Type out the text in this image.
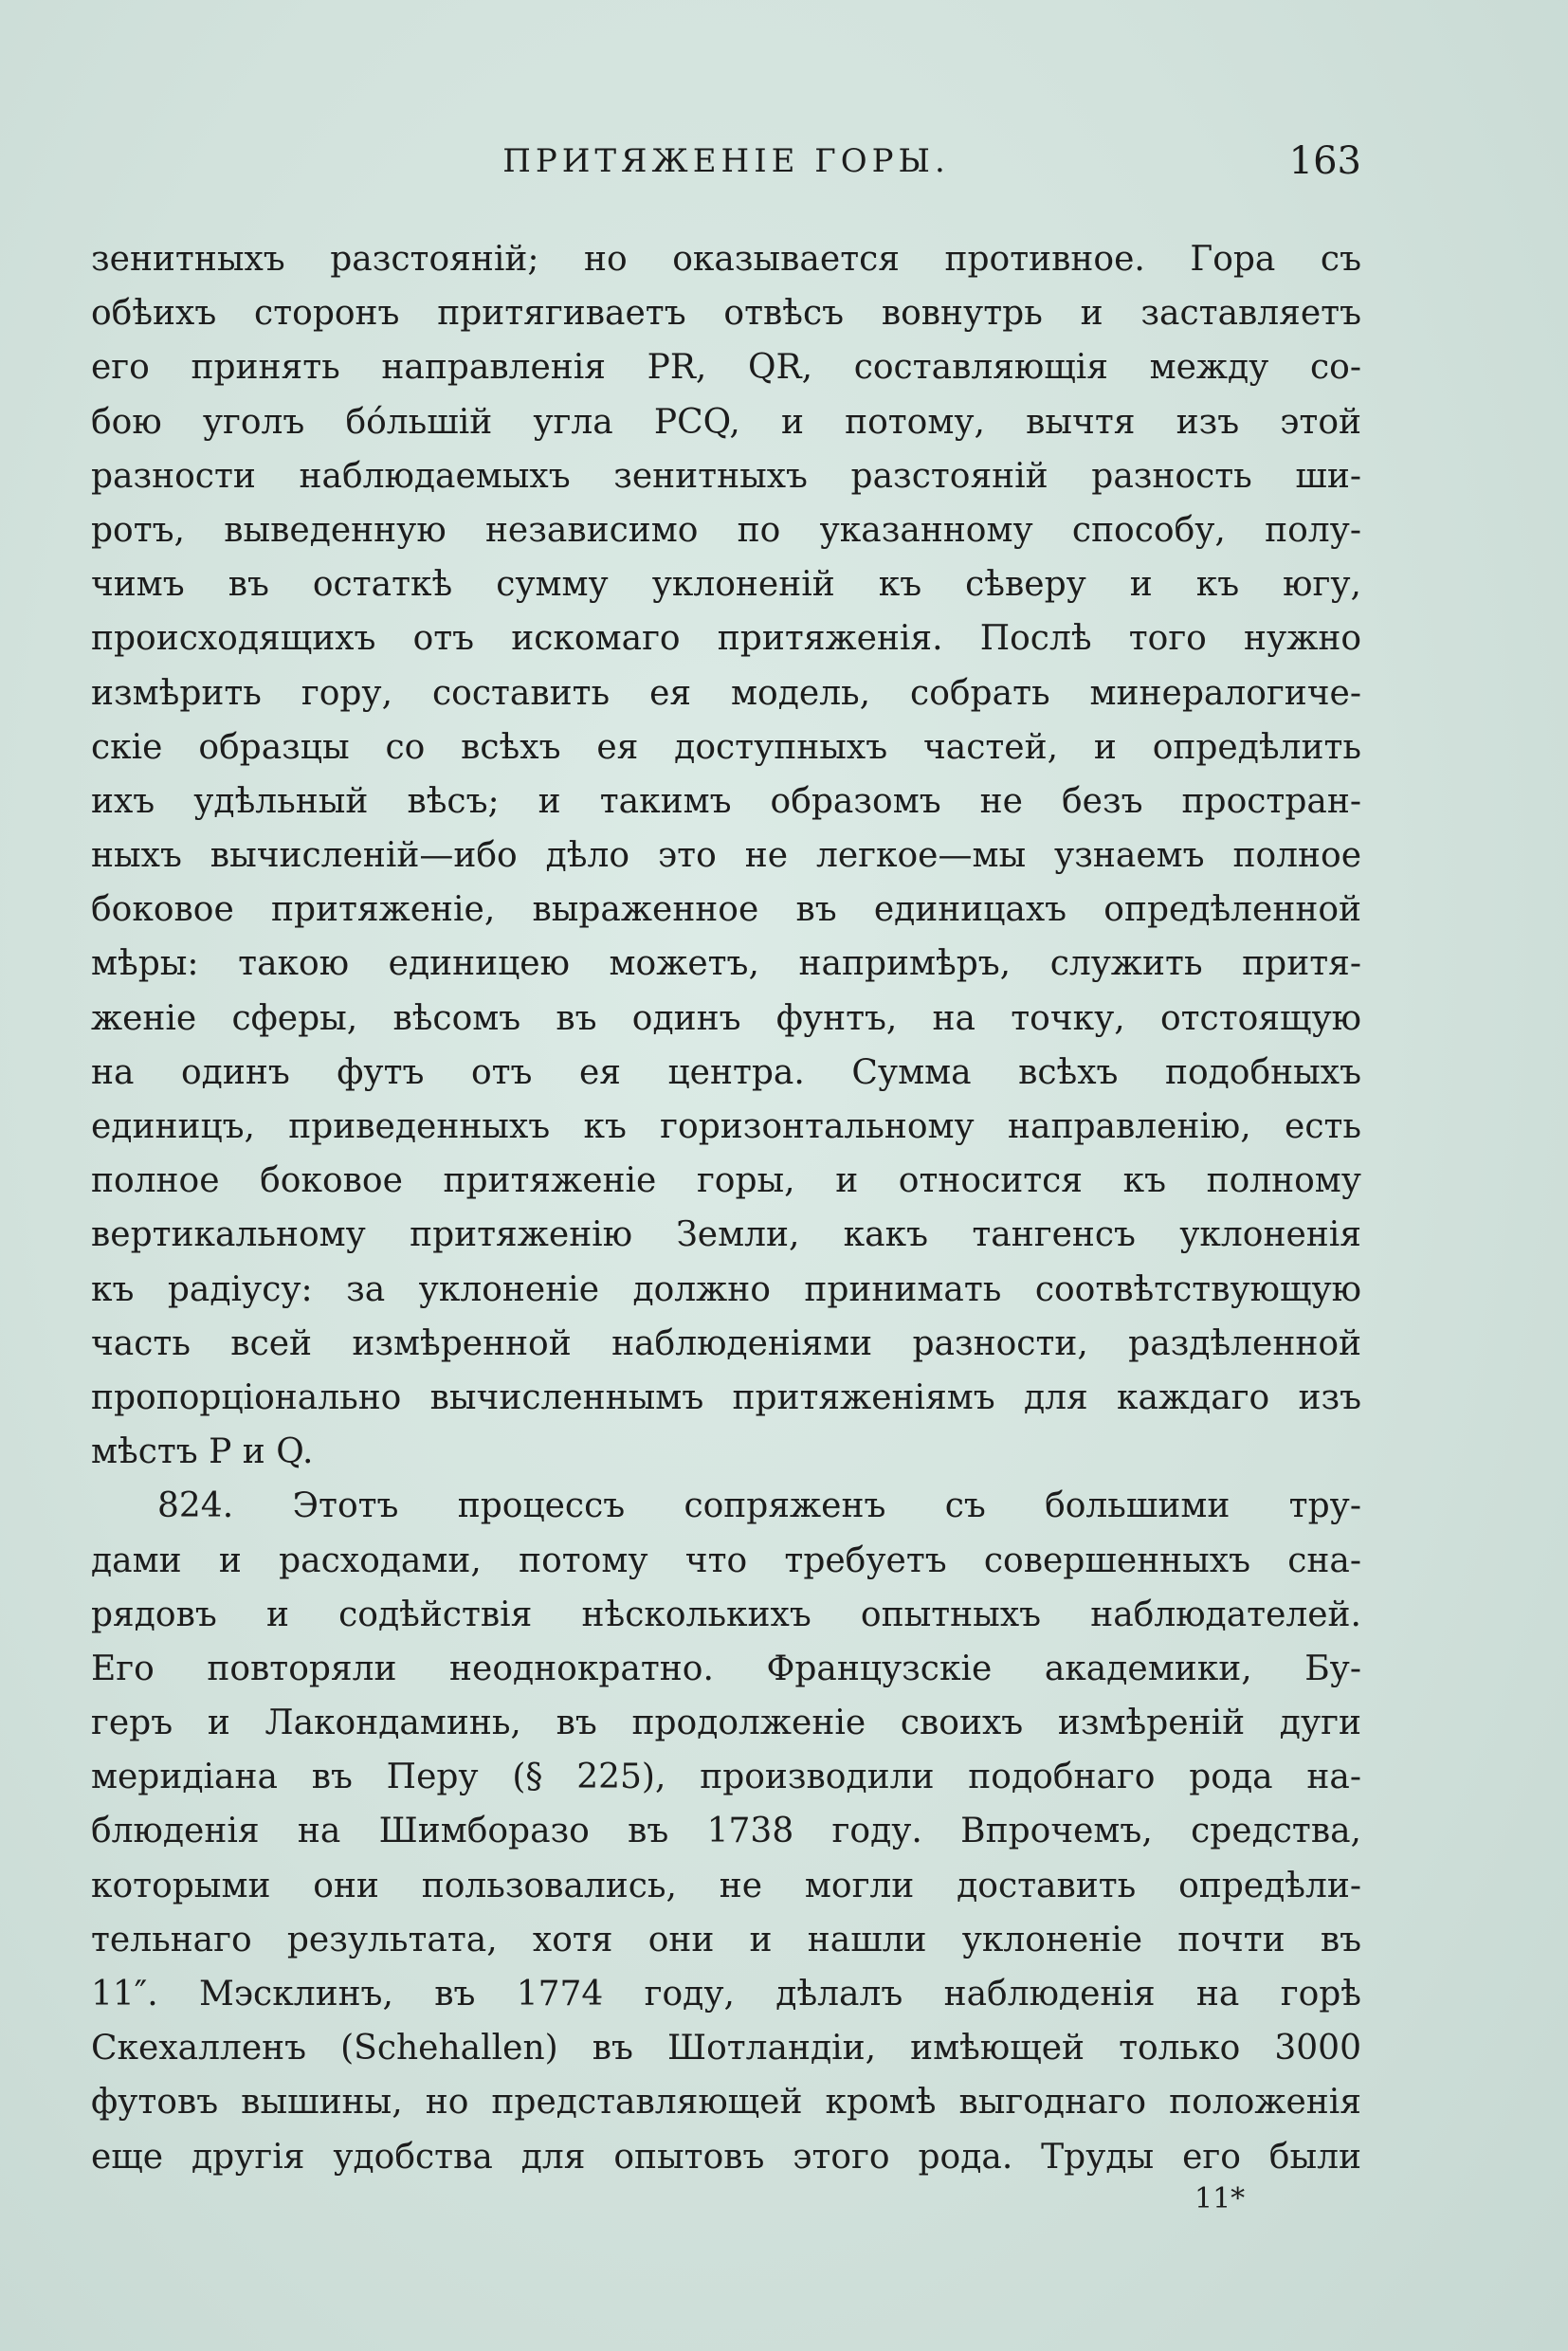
ПРИТЯЖЕНІЕ ГОРЫ.	163
зенитныхъ разстояній; но оказывается противное. Гора съ
обѣихъ сторонъ притягиваетъ отвѣсъ вовнутрь и заставляетъ
его принять направленія PR, QR, составляющія между со-
бою уголъ бóльшій угла PCQ, и потому, вычтя изъ этой
разности наблюдаемыхъ зенитныхъ разстояній разность ши-
ротъ, выведенную независимо по указанному способу, полу-
чимъ въ остаткѣ сумму уклоненій къ сѣверу и къ югу,
происходящихъ отъ искомаго притяженія. Послѣ того нужно
измѣрить гору, составить ея модель, собрать минералогиче-
скіе образцы со всѣхъ ея доступныхъ частей, и опредѣлить
ихъ удѣльный вѣсъ; и такимъ образомъ не безъ простран-
ныхъ вычисленій—ибо дѣло это не легкое—мы узнаемъ полное
боковое притяженіе, выраженное въ единицахъ опредѣленной
мѣры: такою единицею можетъ, напримѣръ, служить притя-
женіе сферы, вѣсомъ въ одинъ фунтъ, на точку, отстоящую
на одинъ футъ отъ ея центра. Сумма всѣхъ подобныхъ
единицъ, приведенныхъ къ горизонтальному направленію, есть
полное боковое притяженіе горы, и относится къ полному
вертикальному притяженію Земли, какъ тангенсъ уклоненія
къ радіусу: за уклоненіе должно принимать соотвѣтствующую
часть всей измѣренной наблюденіями разности, раздѣленной
пропорціонально вычисленнымъ притяженіямъ для каждаго изъ
мѣстъ P и Q.
824. Этотъ процессъ сопряженъ съ большими тру-
дами и расходами, потому что требуетъ совершенныхъ сна-
рядовъ и содѣйствія нѣсколькихъ опытныхъ наблюдателей.
Его повторяли неоднократно. Французскіе академики, Бу-
геръ и Лакондаминь, въ продолженіе своихъ измѣреній дуги
меридіана въ Перу (§ 225), производили подобнаго рода на-
блюденія на Шимборазо въ 1738 году. Впрочемъ, средства,
которыми они пользовались, не могли доставить опредѣли-
тельнаго результата, хотя они и нашли уклоненіе почти въ
11″. Мэсклинъ, въ 1774 году, дѣлалъ наблюденія на горѣ
Скехалленъ (Schehallen) въ Шотландіи, имѣющей только 3000
футовъ вышины, но представляющей кромѣ выгоднаго положенія
еще другія удобства для опытовъ этого рода. Труды его были
11*
